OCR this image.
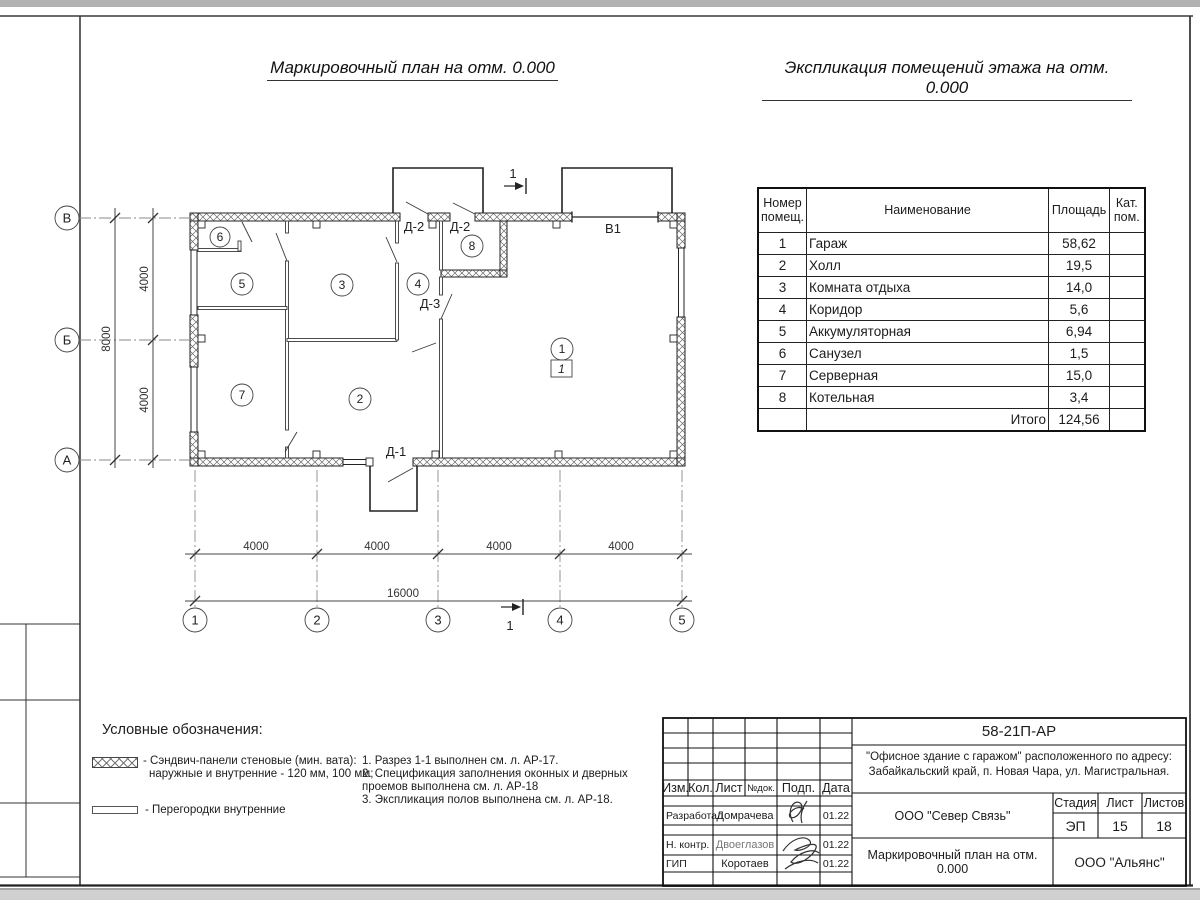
4000	4000	4000	4000
16000
4000
4000
8000
1	2	3	4	5
В
Б
А
1
2
3	4
5
6
7
8
1
Д-2 Д-2
Д-3
Д-1
В1
1
1
Маркировочный план на отм. 0.000	Экспликация помещений этажа на отм. 0.000
Номер помещ.	Наименование	Площадь	Кат. пом.
1	Гараж	58,62	
2	Холл	19,5	
3	Комната отдыха	14,0	
4	Коридор	5,6	
5	Аккумуляторная	6,94	
6	Санузел	1,5	
7	Серверная	15,0	
8	Котельная	3,4	
	Итого	124,56	
Условные обозначения:
- Сэндвич-панели стеновые (мин. вата):
наружные и внутренние - 120 мм, 100 мм;
- Перегородки внутренние
1. Разрез 1-1 выполнен см. л. АР-17.
2. Спецификация заполнения оконных и дверных
проемов выполнена см. л. АР-18
3. Экспликация полов выполнена см. л. АР-18.
58-21П-АР
"Офисное здание с гаражом" расположенного по адресу:
Забайкальский край, п. Новая Чара, ул. Магистральная.
Изм. Кол. Лист №док. Подп. Дата
Разработал
Домрачева	01.22
Н. контр. Двоеглазов	01.22
ГИП	Коротаев	01.22
ООО "Север Связь"
Стадия Лист Листов
ЭП	15	18
Маркировочный план на отм. 0.000	ООО "Альянс"
